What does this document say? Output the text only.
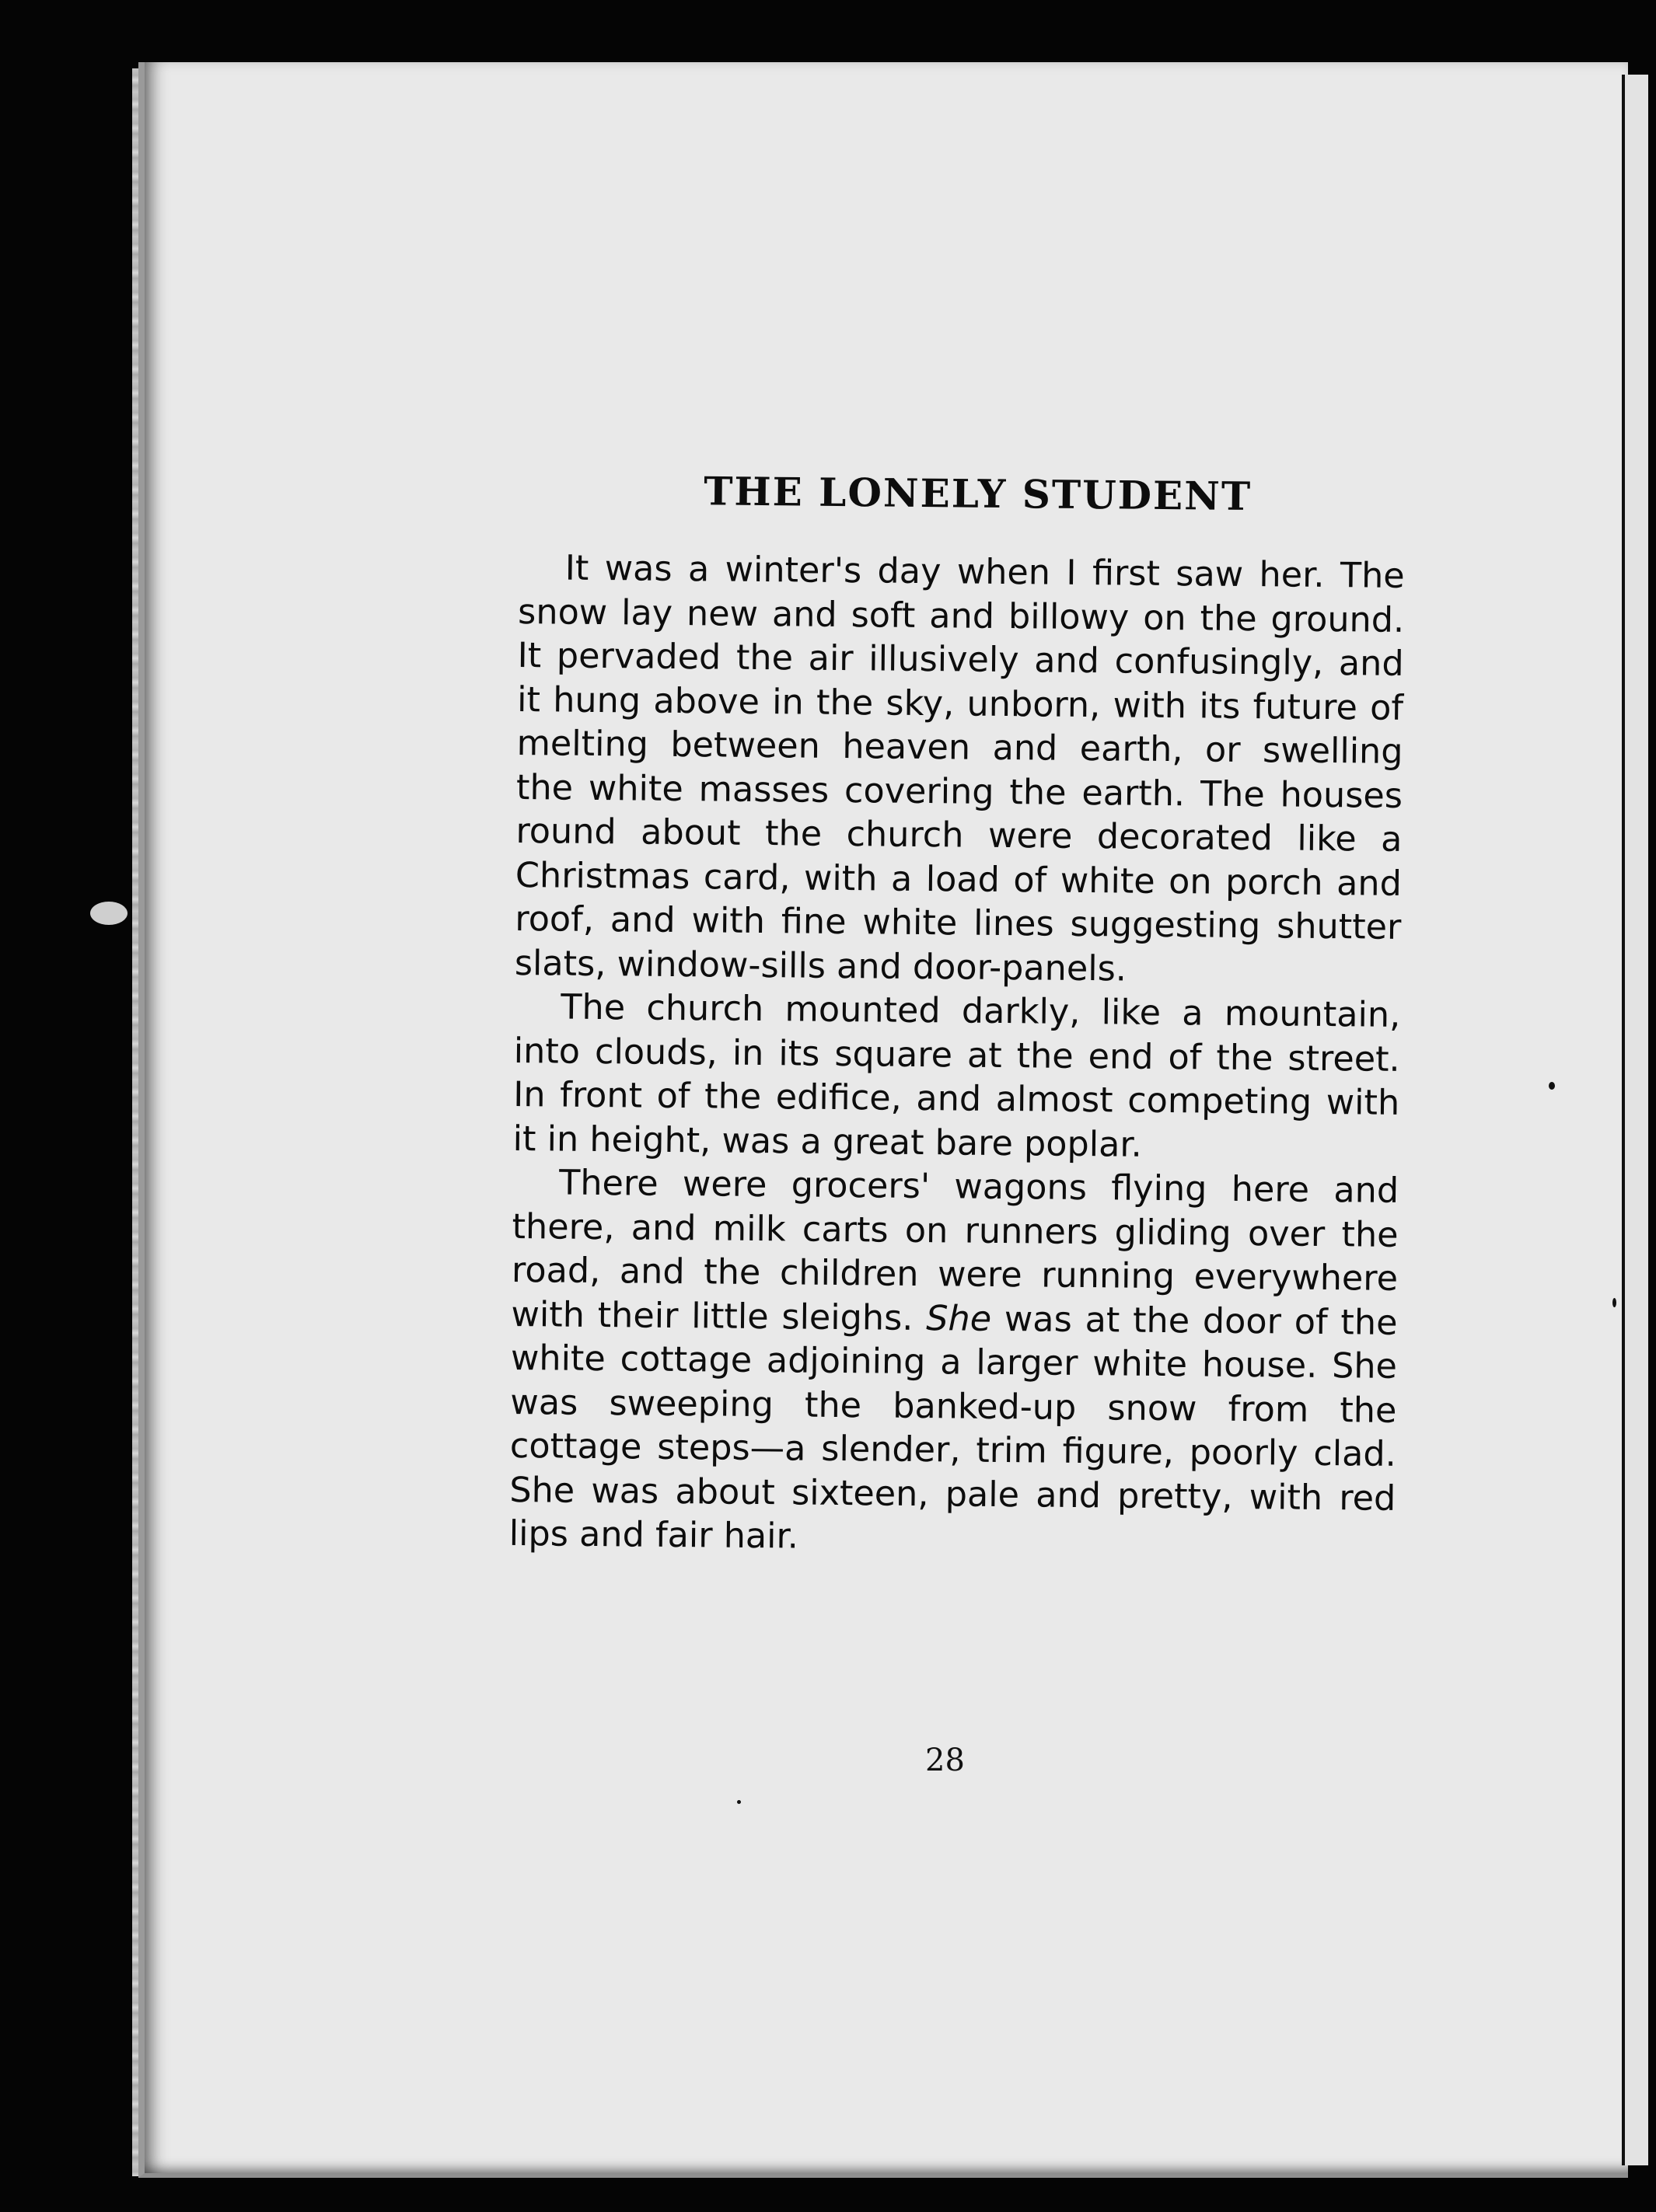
THE LONELY STUDENT

It was a winter's day when I first saw her. The snow lay new and soft and billowy on the ground. It pervaded the air illusively and confusingly, and it hung above in the sky, unborn, with its future of melting between heaven and earth, or swelling the white masses covering the earth. The houses round about the church were decorated like a Christmas card, with a load of white on porch and roof, and with fine white lines suggesting shutter slats, window-sills and door-panels.

The church mounted darkly, like a mountain, into clouds, in its square at the end of the street. In front of the edifice, and almost competing with it in height, was a great bare poplar.

There were grocers' wagons flying here and there, and milk carts on runners gliding over the road, and the children were running everywhere with their little sleighs. She was at the door of the white cottage adjoining a larger white house. She was sweeping the banked-up snow from the cottage steps—a slender, trim figure, poorly clad. She was about sixteen, pale and pretty, with red lips and fair hair.

28
